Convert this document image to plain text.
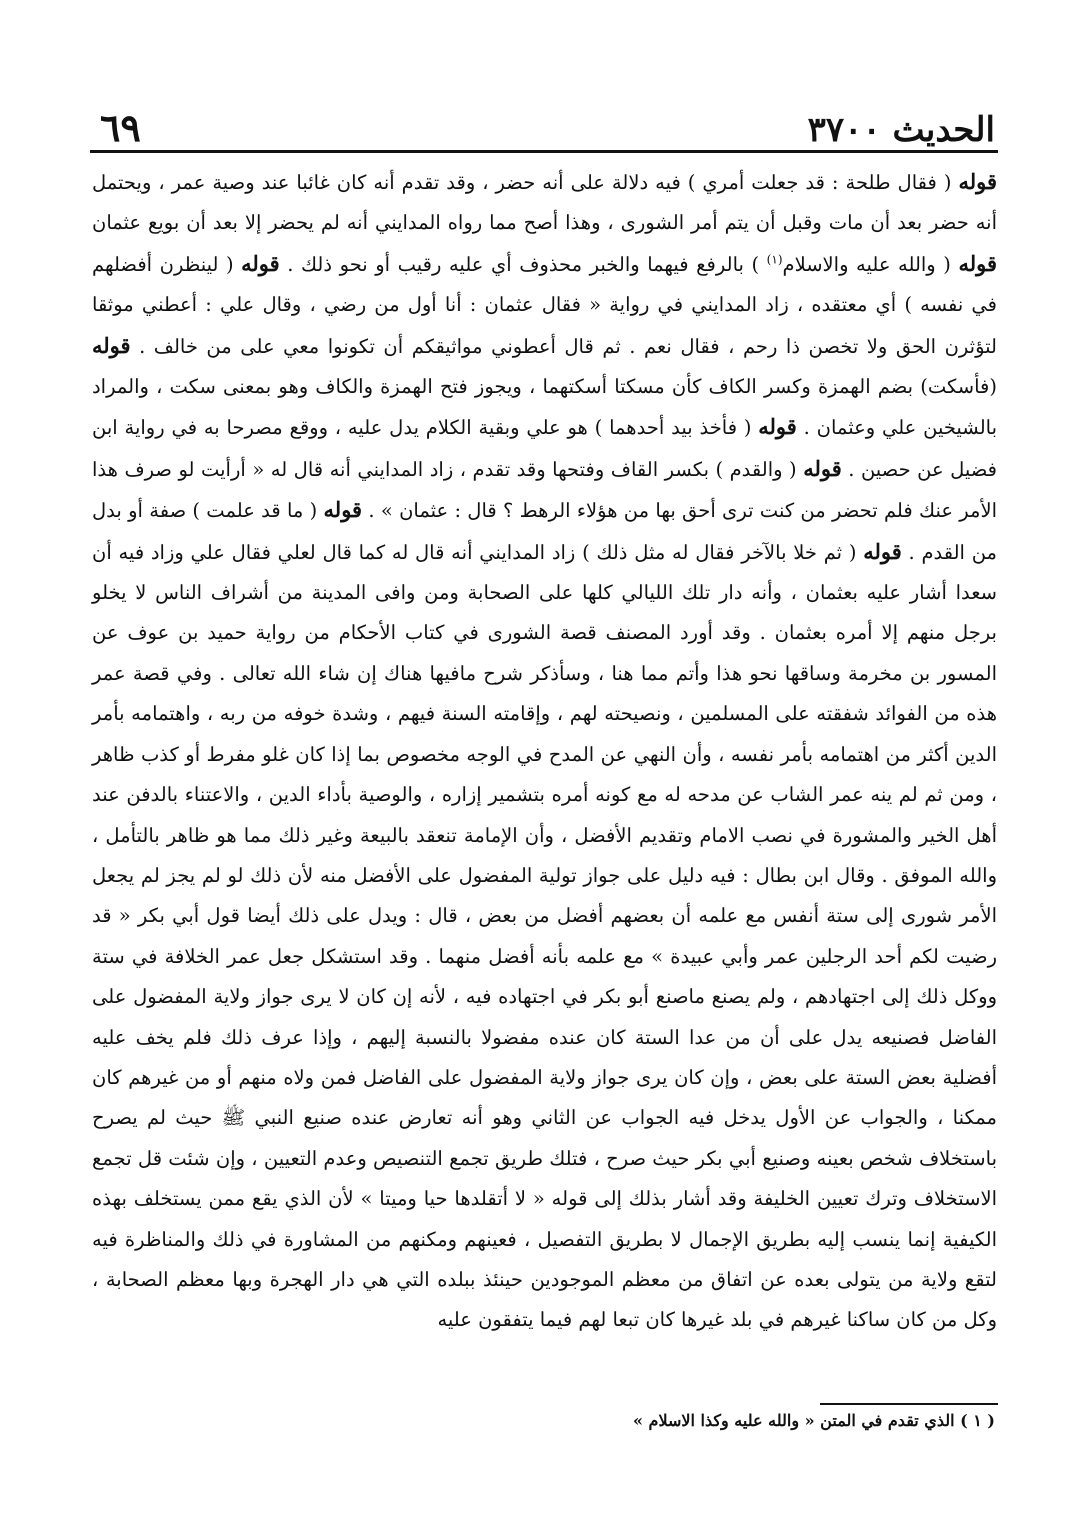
الحديث ٣٧٠٠
٦٩

قوله ( فقال طلحة : قد جعلت أمري ) فيه دلالة على أنه حضر ، وقد تقدم أنه كان غائبا عند وصية عمر ، ويحتمل أنه حضر بعد أن مات وقبل أن يتم أمر الشورى ، وهذا أصح مما رواه المدايني أنه لم يحضر إلا بعد أن بويع عثمان قوله ( والله عليه والاسلام$^{(١)}$ ) بالرفع فيهما والخبر محذوف أي عليه رقيب أو نحو ذلك . قوله ( لينظرن أفضلهم في نفسه ) أي معتقده ، زاد المدايني في رواية « فقال عثمان : أنا أول من رضي ، وقال علي : أعطني موثقا لتؤثرن الحق ولا تخصن ذا رحم ، فقال نعم . ثم قال أعطوني مواثيقكم أن تكونوا معي على من خالف . قوله (فأسكت) بضم الهمزة وكسر الكاف كأن مسكتا أسكتهما ، ويجوز فتح الهمزة والكاف وهو بمعنى سكت ، والمراد بالشيخين علي وعثمان . قوله ( فأخذ بيد أحدهما ) هو علي وبقية الكلام يدل عليه ، ووقع مصرحا به في رواية ابن فضيل عن حصين . قوله ( والقدم ) بكسر القاف وفتحها وقد تقدم ، زاد المدايني أنه قال له « أرأيت لو صرف هذا الأمر عنك فلم تحضر من كنت ترى أحق بها من هؤلاء الرهط ؟ قال : عثمان » . قوله ( ما قد علمت ) صفة أو بدل من القدم . قوله ( ثم خلا بالآخر فقال له مثل ذلك ) زاد المدايني أنه قال له كما قال لعلي فقال علي وزاد فيه أن سعدا أشار عليه بعثمان ، وأنه دار تلك الليالي كلها على الصحابة ومن وافى المدينة من أشراف الناس لا يخلو برجل منهم إلا أمره بعثمان . وقد أورد المصنف قصة الشورى في كتاب الأحكام من رواية حميد بن عوف عن المسور بن مخرمة وساقها نحو هذا وأتم مما هنا ، وسأذكر شرح مافيها هناك إن شاء الله تعالى . وفي قصة عمر هذه من الفوائد شفقته على المسلمين ، ونصيحته لهم ، وإقامته السنة فيهم ، وشدة خوفه من ربه ، واهتمامه بأمر الدين أكثر من اهتمامه بأمر نفسه ، وأن النهي عن المدح في الوجه مخصوص بما إذا كان غلو مفرط أو كذب ظاهر ، ومن ثم لم ينه عمر الشاب عن مدحه له مع كونه أمره بتشمير إزاره ، والوصية بأداء الدين ، والاعتناء بالدفن عند أهل الخير والمشورة في نصب الامام وتقديم الأفضل ، وأن الإمامة تنعقد بالبيعة وغير ذلك مما هو ظاهر بالتأمل ، والله الموفق . وقال ابن بطال : فيه دليل على جواز تولية المفضول على الأفضل منه لأن ذلك لو لم يجز لم يجعل الأمر شورى إلى ستة أنفس مع علمه أن بعضهم أفضل من بعض ، قال : ويدل على ذلك أيضا قول أبي بكر « قد رضيت لكم أحد الرجلين عمر وأبي عبيدة » مع علمه بأنه أفضل منهما . وقد استشكل جعل عمر الخلافة في ستة ووكل ذلك إلى اجتهادهم ، ولم يصنع ماصنع أبو بكر في اجتهاده فيه ، لأنه إن كان لا يرى جواز ولاية المفضول على الفاضل فصنيعه يدل على أن من عدا الستة كان عنده مفضولا بالنسبة إليهم ، وإذا عرف ذلك فلم يخف عليه أفضلية بعض الستة على بعض ، وإن كان يرى جواز ولاية المفضول على الفاضل فمن ولاه منهم أو من غيرهم كان ممكنا ، والجواب عن الأول يدخل فيه الجواب عن الثاني وهو أنه تعارض عنده صنيع النبي ﷺ حيث لم يصرح باستخلاف شخص بعينه وصنيع أبي بكر حيث صرح ، فتلك طريق تجمع التنصيص وعدم التعيين ، وإن شئت قل تجمع الاستخلاف وترك تعيين الخليفة وقد أشار بذلك إلى قوله « لا أتقلدها حيا وميتا » لأن الذي يقع ممن يستخلف بهذه الكيفية إنما ينسب إليه بطريق الإجمال لا بطريق التفصيل ، فعينهم ومكنهم من المشاورة في ذلك والمناظرة فيه لتقع ولاية من يتولى بعده عن اتفاق من معظم الموجودين حينئذ ببلده التي هي دار الهجرة وبها معظم الصحابة ، وكل من كان ساكنا غيرهم في بلد غيرها كان تبعا لهم فيما يتفقون عليه

( ١ ) الذي تقدم في المتن « والله عليه وكذا الاسلام »
